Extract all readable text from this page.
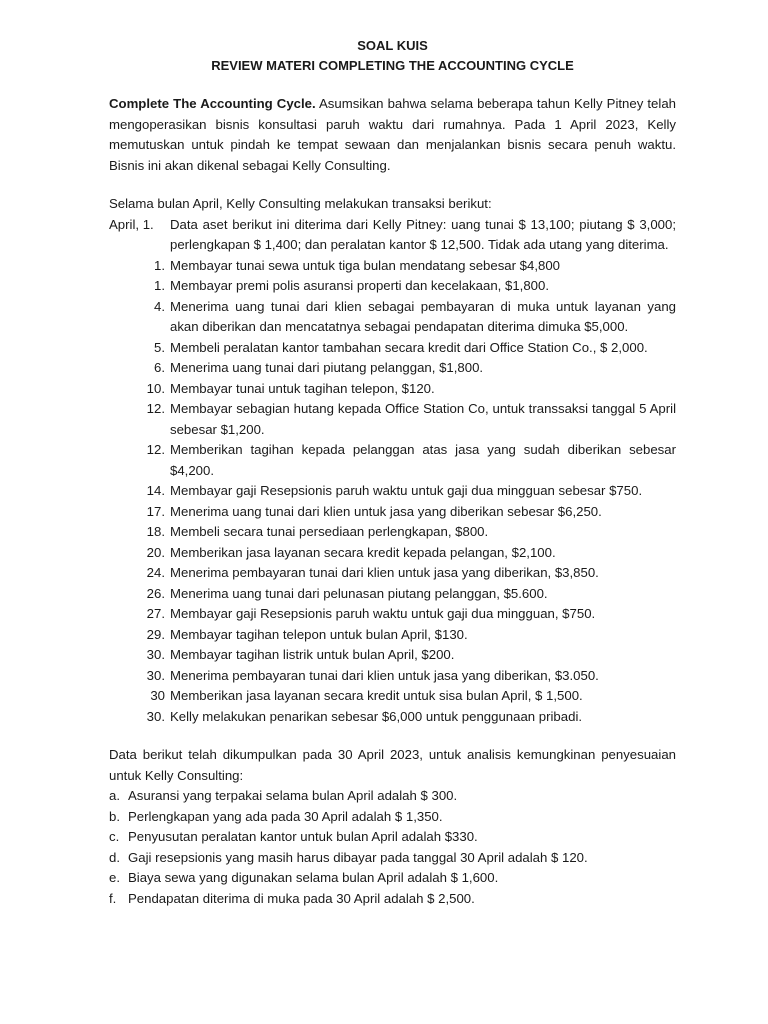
SOAL KUIS
REVIEW MATERI COMPLETING THE ACCOUNTING CYCLE

Complete The Accounting Cycle. Asumsikan bahwa selama beberapa tahun Kelly Pitney telah mengoperasikan bisnis konsultasi paruh waktu dari rumahnya. Pada 1 April 2023, Kelly memutuskan untuk pindah ke tempat sewaan dan menjalankan bisnis secara penuh waktu. Bisnis ini akan dikenal sebagai Kelly Consulting.

Selama bulan April, Kelly Consulting melakukan transaksi berikut:

April, 1.	Data aset berikut ini diterima dari Kelly Pitney: uang tunai $ 13,100; piutang $ 3,000; perlengkapan $ 1,400; dan peralatan kantor $ 12,500. Tidak ada utang yang diterima.
1. Membayar tunai sewa untuk tiga bulan mendatang sebesar $4,800
1. Membayar premi polis asuransi properti dan kecelakaan, $1,800.
4. Menerima uang tunai dari klien sebagai pembayaran di muka untuk layanan yang akan diberikan dan mencatatnya sebagai pendapatan diterima dimuka $5,000.
5. Membeli peralatan kantor tambahan secara kredit dari Office Station Co., $ 2,000.
6. Menerima uang tunai dari piutang pelanggan, $1,800.
10. Membayar tunai untuk tagihan telepon, $120.
12. Membayar sebagian hutang kepada Office Station Co, untuk transsaksi tanggal 5 April sebesar $1,200.
12. Memberikan tagihan kepada pelanggan atas jasa yang sudah diberikan sebesar $4,200.
14. Membayar gaji Resepsionis paruh waktu untuk gaji dua mingguan sebesar $750.
17. Menerima uang tunai dari klien untuk jasa yang diberikan sebesar $6,250.
18. Membeli secara tunai persediaan perlengkapan, $800.
20. Memberikan jasa layanan secara kredit kepada pelangan, $2,100.
24. Menerima pembayaran tunai dari klien untuk jasa yang diberikan, $3,850.
26. Menerima uang tunai dari pelunasan piutang pelanggan, $5.600.
27. Membayar gaji Resepsionis paruh waktu untuk gaji dua mingguan, $750.
29. Membayar tagihan telepon untuk bulan April, $130.
30. Membayar tagihan listrik untuk bulan April, $200.
30. Menerima pembayaran tunai dari klien untuk jasa yang diberikan, $3.050.
30 Memberikan jasa layanan secara kredit untuk sisa bulan April, $ 1,500.
30. Kelly melakukan penarikan sebesar $6,000 untuk penggunaan pribadi.

Data berikut telah dikumpulkan pada 30 April 2023, untuk analisis kemungkinan penyesuaian untuk Kelly Consulting:

a. Asuransi yang terpakai selama bulan April adalah $ 300.
b. Perlengkapan yang ada pada 30 April adalah $ 1,350.
c. Penyusutan peralatan kantor untuk bulan April adalah $330.
d. Gaji resepsionis yang masih harus dibayar pada tanggal 30 April adalah $ 120.
e. Biaya sewa yang digunakan selama bulan April adalah $ 1,600.
f. Pendapatan diterima di muka pada 30 April adalah $ 2,500.
